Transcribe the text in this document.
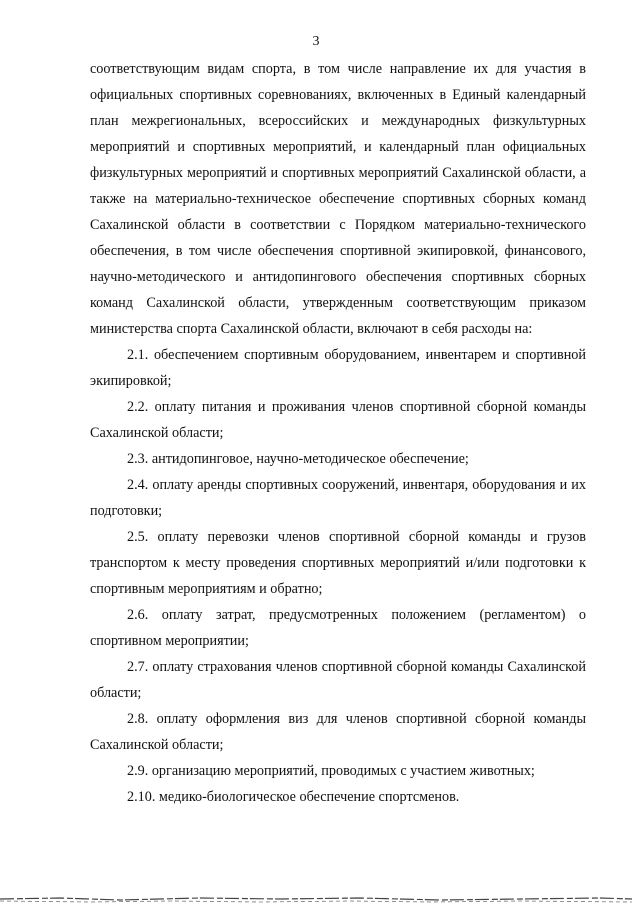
3

соответствующим видам спорта, в том числе направление их для участия в официальных спортивных соревнованиях, включенных в Единый календарный план межрегиональных, всероссийских и международных физкультурных мероприятий и спортивных мероприятий, и календарный план официальных физкультурных мероприятий и спортивных мероприятий Сахалинской области, а также на материально-техническое обеспечение спортивных сборных команд Сахалинской области в соответствии с Порядком материально-технического обеспечения, в том числе обеспечения спортивной экипировкой, финансового, научно-методического и антидопингового обеспечения спортивных сборных команд Сахалинской области, утвержденным соответствующим приказом министерства спорта Сахалинской области, включают в себя расходы на:

2.1. обеспечением спортивным оборудованием, инвентарем и спортивной экипировкой;

2.2. оплату питания и проживания членов спортивной сборной команды Сахалинской области;

2.3. антидопинговое, научно-методическое обеспечение;

2.4. оплату аренды спортивных сооружений, инвентаря, оборудования и их подготовки;

2.5. оплату перевозки членов спортивной сборной команды и грузов транспортом к месту проведения спортивных мероприятий и/или подготовки к спортивным мероприятиям и обратно;

2.6. оплату затрат, предусмотренных положением (регламентом) о спортивном мероприятии;

2.7. оплату страхования членов спортивной сборной команды Сахалинской области;

2.8. оплату оформления виз для членов спортивной сборной команды Сахалинской области;

2.9. организацию мероприятий, проводимых с участием животных;

2.10. медико-биологическое обеспечение спортсменов.
